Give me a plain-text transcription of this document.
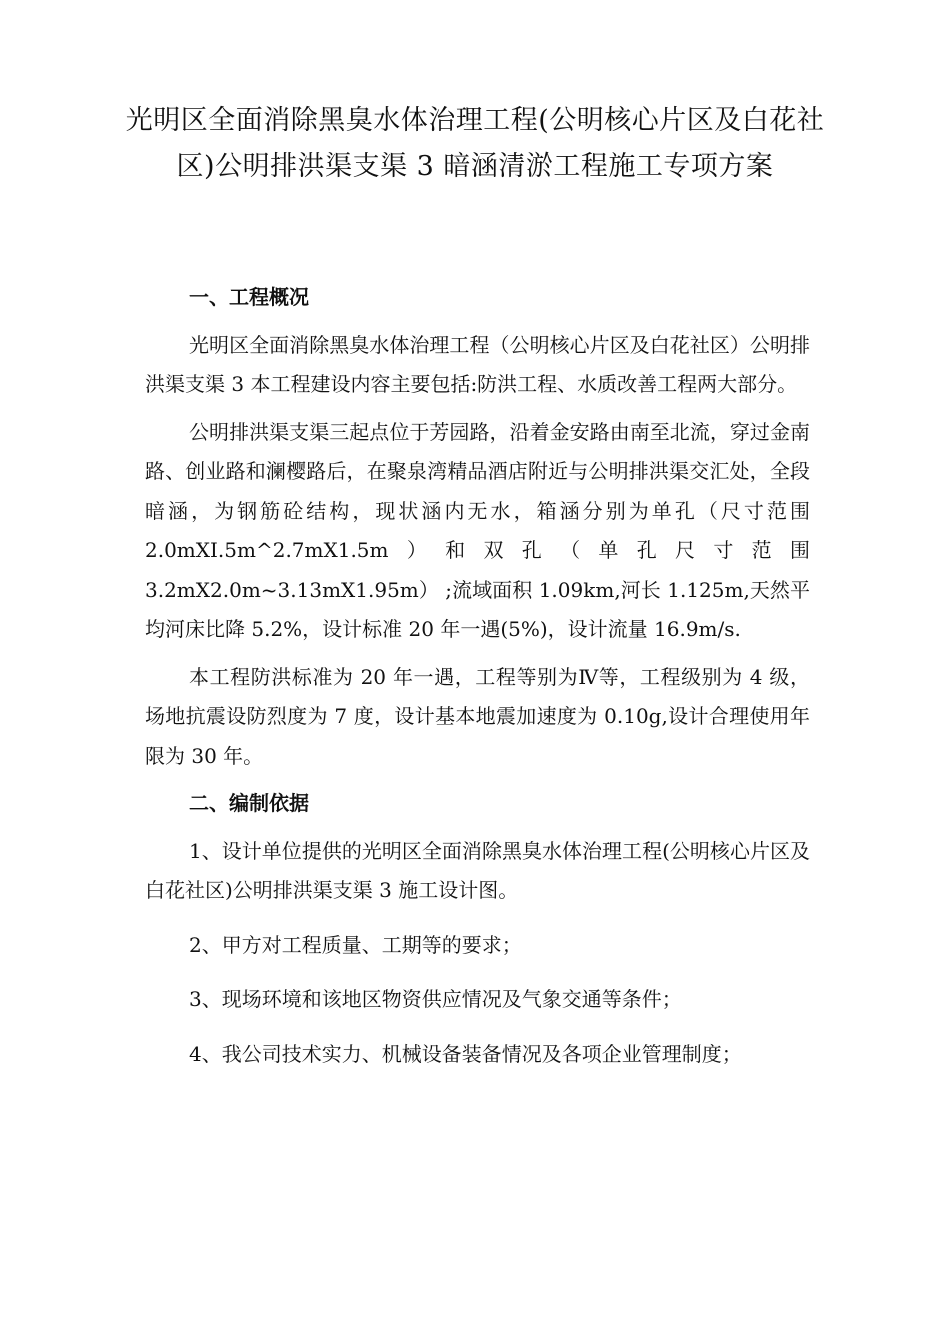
光明区全面消除黑臭水体治理工程(公明核心片区及白花社
区)公明排洪渠支渠 3 暗涵清淤工程施工专项方案
一、工程概况

光明区全面消除黑臭水体治理工程（公明核心片区及白花社区）公明排洪渠支渠 3 本工程建设内容主要包括:防洪工程、水质改善工程两大部分。

公明排洪渠支渠三起点位于芳园路，沿着金安路由南至北流，穿过金南路、创业路和澜樱路后，在聚泉湾精品酒店附近与公明排洪渠交汇处，全段暗涵，为钢筋砼结构，现状涵内无水，箱涵分别为单孔（尺寸范围 2.0mXI.5m^2.7mX1.5m）和双孔（单孔尺寸范围 3.2mX2.0m~3.13mX1.95m） ;流域面积 1.09km,河长 1.125m,天然平均河床比降 5.2%，设计标准 20 年一遇(5%)，设计流量 16.9m/s.

本工程防洪标准为 20 年一遇，工程等别为Ⅳ等，工程级别为 4 级，场地抗震设防烈度为 7 度，设计基本地震加速度为 0.10g,设计合理使用年限为 30 年。

二、编制依据

1、设计单位提供的光明区全面消除黑臭水体治理工程(公明核心片区及白花社区)公明排洪渠支渠 3 施工设计图。

2、甲方对工程质量、工期等的要求；

3、现场环境和该地区物资供应情况及气象交通等条件；

4、我公司技术实力、机械设备装备情况及各项企业管理制度；
